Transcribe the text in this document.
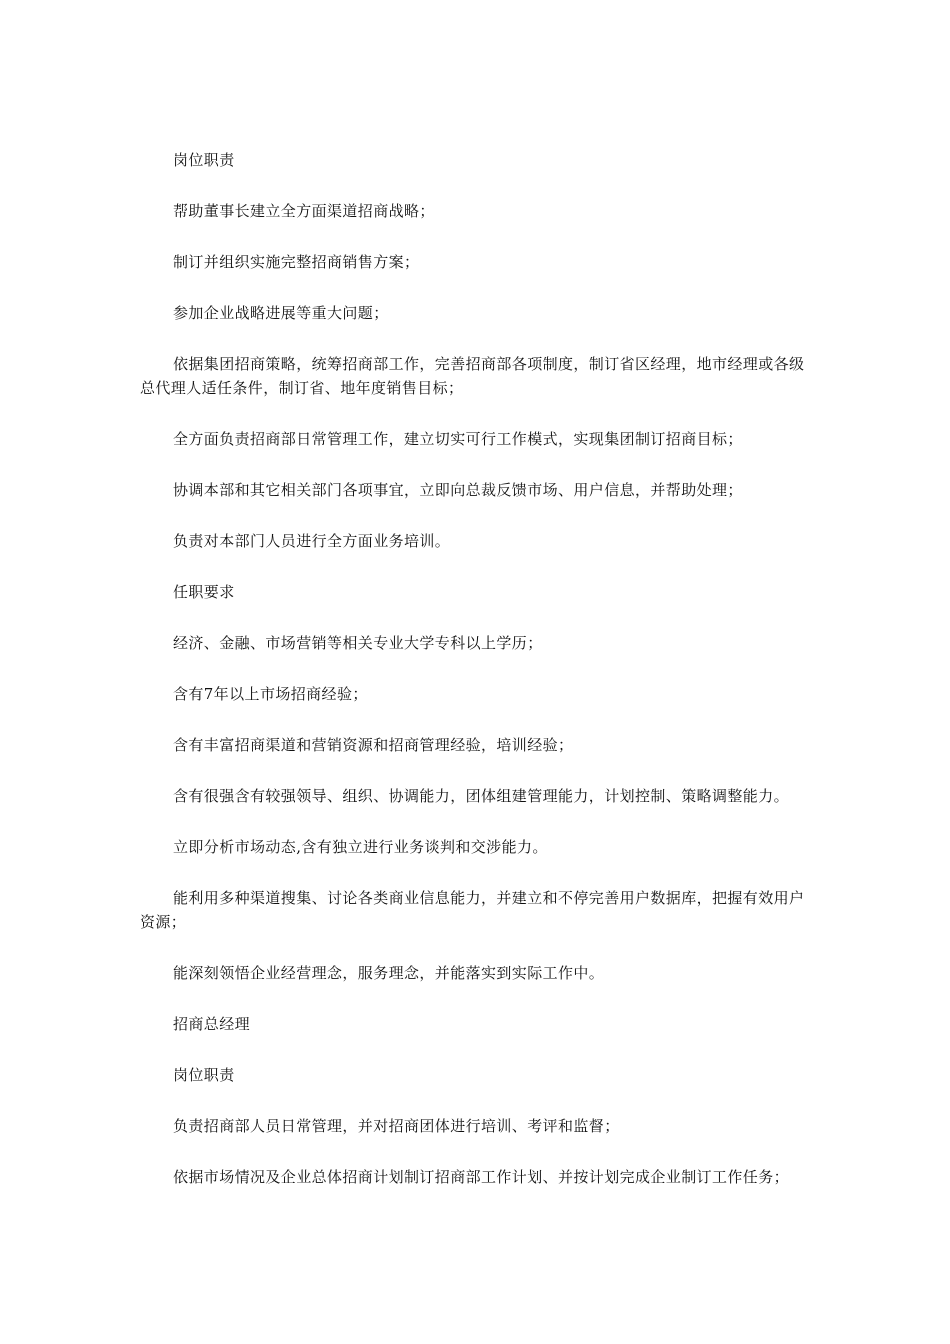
岗位职责

帮助董事长建立全方面渠道招商战略；

制订并组织实施完整招商销售方案；

参加企业战略进展等重大问题；

依据集团招商策略，统筹招商部工作，完善招商部各项制度，制订省区经理，地市经理或各级总代理人适任条件，制订省、地年度销售目标；

全方面负责招商部日常管理工作，建立切实可行工作模式，实现集团制订招商目标；

协调本部和其它相关部门各项事宜，立即向总裁反馈市场、用户信息，并帮助处理；

负责对本部门人员进行全方面业务培训。

任职要求

经济、金融、市场营销等相关专业大学专科以上学历；

含有7年以上市场招商经验；

含有丰富招商渠道和营销资源和招商管理经验，培训经验；

含有很强含有较强领导、组织、协调能力，团体组建管理能力，计划控制、策略调整能力。

立即分析市场动态,含有独立进行业务谈判和交涉能力。

能利用多种渠道搜集、讨论各类商业信息能力，并建立和不停完善用户数据库，把握有效用户资源；

能深刻领悟企业经营理念，服务理念，并能落实到实际工作中。

招商总经理

岗位职责

负责招商部人员日常管理，并对招商团体进行培训、考评和监督；

依据市场情况及企业总体招商计划制订招商部工作计划、并按计划完成企业制订工作任务；
